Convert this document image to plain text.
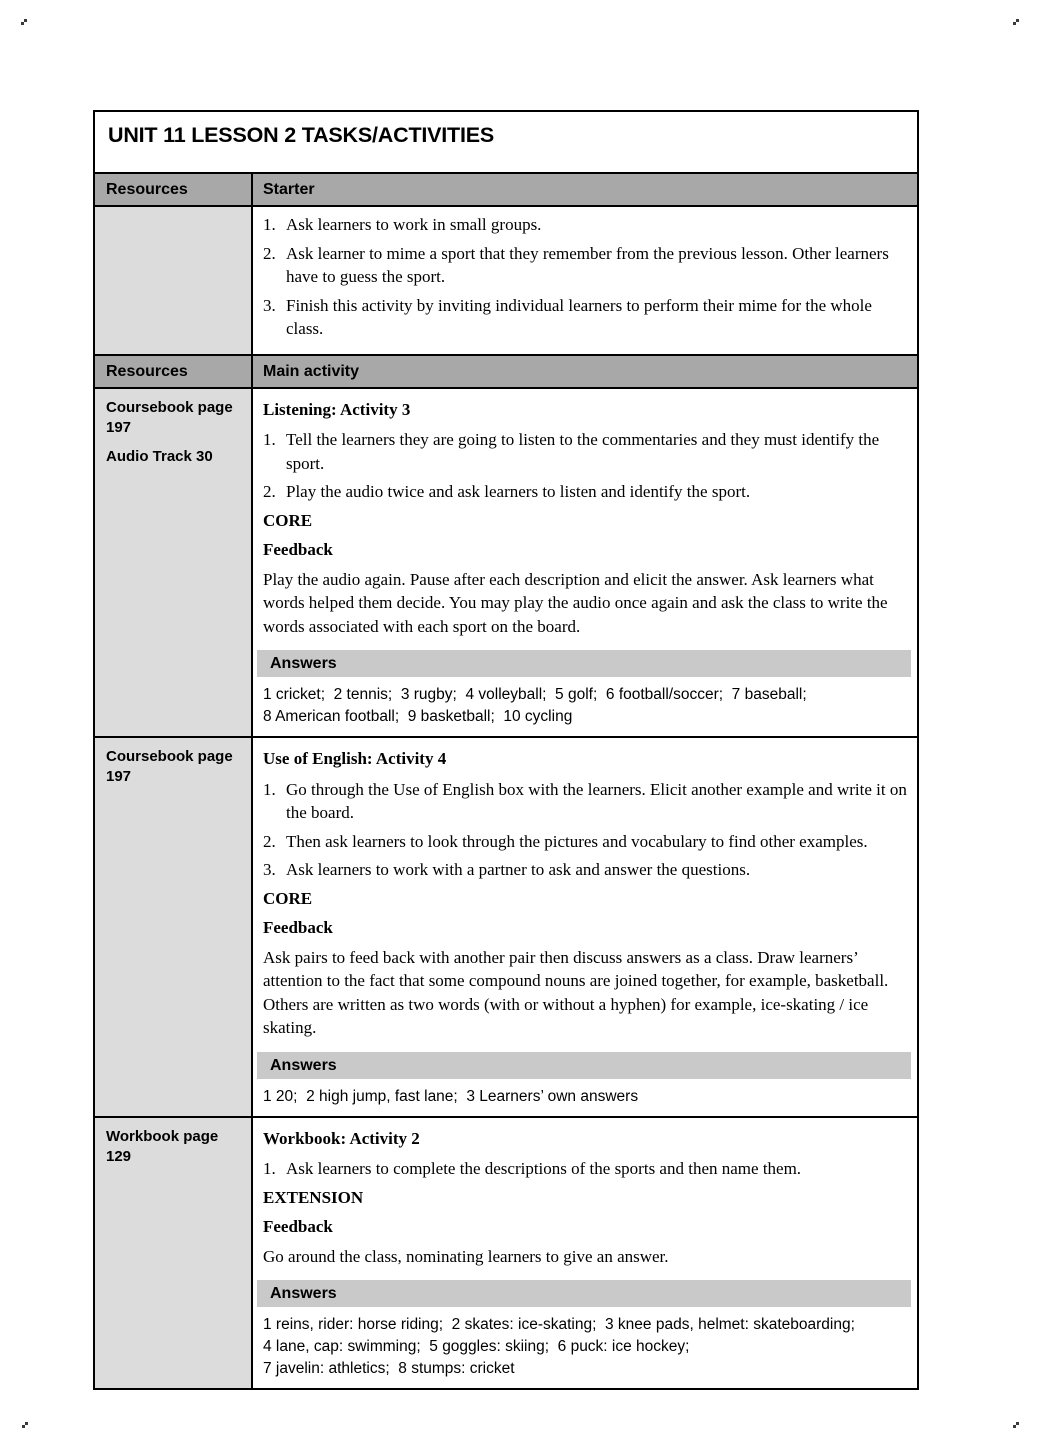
UNIT 11 LESSON 2 TASKS/ACTIVITIES
Resources	Starter
1. Ask learners to work in small groups.
2. Ask learner to mime a sport that they remember from the previous lesson. Other learners have to guess the sport.
3. Finish this activity by inviting individual learners to perform their mime for the whole class.
Resources	Main activity
Coursebook page 197
Audio Track 30
Listening: Activity 3
1. Tell the learners they are going to listen to the commentaries and they must identify the sport.
2. Play the audio twice and ask learners to listen and identify the sport.
CORE
Feedback
Play the audio again. Pause after each description and elicit the answer. Ask learners what words helped them decide. You may play the audio once again and ask the class to write the words associated with each sport on the board.
Answers
1 cricket;  2 tennis;  3 rugby;  4 volleyball;  5 golf;  6 football/soccer;  7 baseball;
8 American football;  9 basketball;  10 cycling
Coursebook page 197
Use of English: Activity 4
1. Go through the Use of English box with the learners. Elicit another example and write it on the board.
2. Then ask learners to look through the pictures and vocabulary to find other examples.
3. Ask learners to work with a partner to ask and answer the questions.
CORE
Feedback
Ask pairs to feed back with another pair then discuss answers as a class. Draw learners’ attention to the fact that some compound nouns are joined together, for example, basketball. Others are written as two words (with or without a hyphen) for example, ice-skating / ice skating.
Answers
1 20;  2 high jump, fast lane;  3 Learners’ own answers
Workbook page 129
Workbook: Activity 2
1. Ask learners to complete the descriptions of the sports and then name them.
EXTENSION
Feedback
Go around the class, nominating learners to give an answer.
Answers
1 reins, rider: horse riding;  2 skates: ice-skating;  3 knee pads, helmet: skateboarding;
4 lane, cap: swimming;  5 goggles: skiing;  6 puck: ice hockey;
7 javelin: athletics;  8 stumps: cricket
